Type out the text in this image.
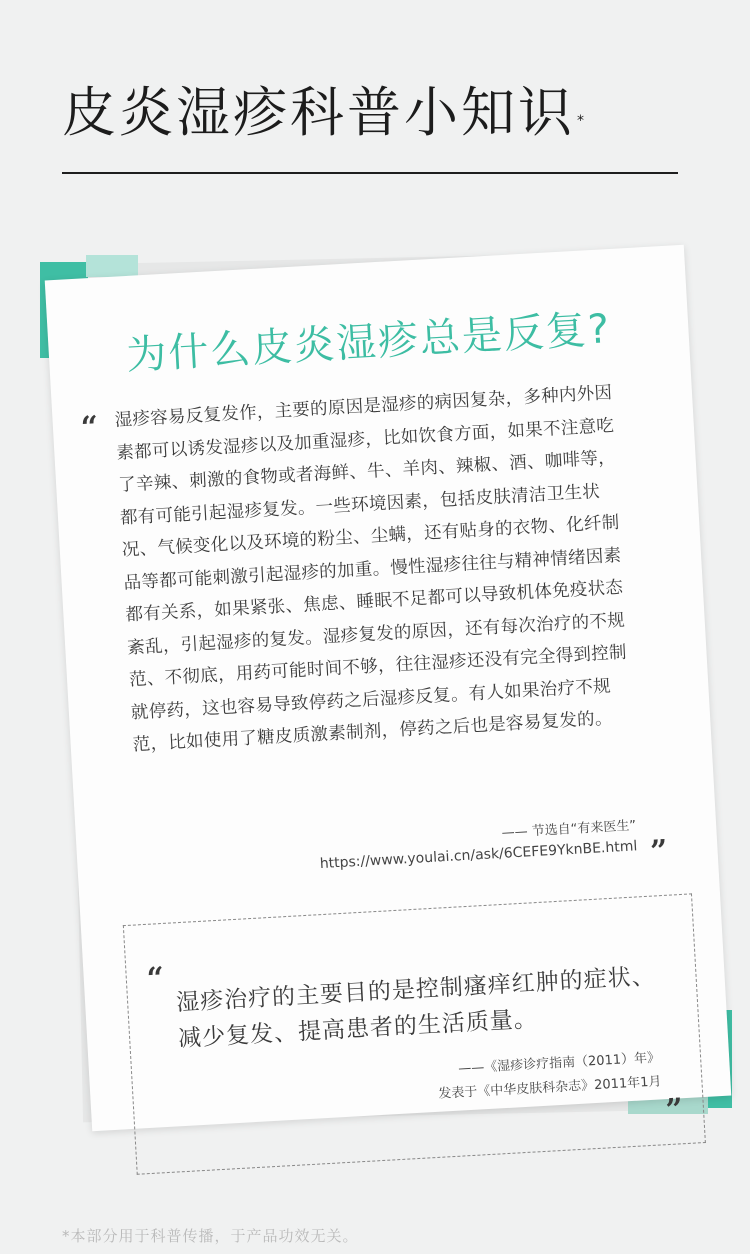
皮炎湿疹科普小知识 *
为什么皮炎湿疹总是反复?
“ 湿疹容易反复发作，主要的原因是湿疹的病因复杂，多种内外因素都可以诱发湿疹以及加重湿疹，比如饮食方面，如果不注意吃了辛辣、刺激的食物或者海鲜、牛、羊肉、辣椒、酒、咖啡等，都有可能引起湿疹复发。一些环境因素，包括皮肤清洁卫生状况、气候变化以及环境的粉尘、尘螨，还有贴身的衣物、化纤制品等都可能刺激引起湿疹的加重。慢性湿疹往往与精神情绪因素都有关系，如果紧张、焦虑、睡眠不足都可以导致机体免疫状态紊乱，引起湿疹的复发。湿疹复发的原因，还有每次治疗的不规范、不彻底，用药可能时间不够，往往湿疹还没有完全得到控制就停药，这也容易导致停药之后湿疹反复。有人如果治疗不规范，比如使用了糖皮质激素制剂，停药之后也是容易复发的。
—— 节选自“有来医生”
https://www.youlai.cn/ask/6CEFE9YknBE.html ”
“ 湿疹治疗的主要目的是控制瘙痒红肿的症状、减少复发、提高患者的生活质量。
——《湿疹诊疗指南（2011）年》
发表于《中华皮肤科杂志》2011年1月
”
*本部分用于科普传播，于产品功效无关。
